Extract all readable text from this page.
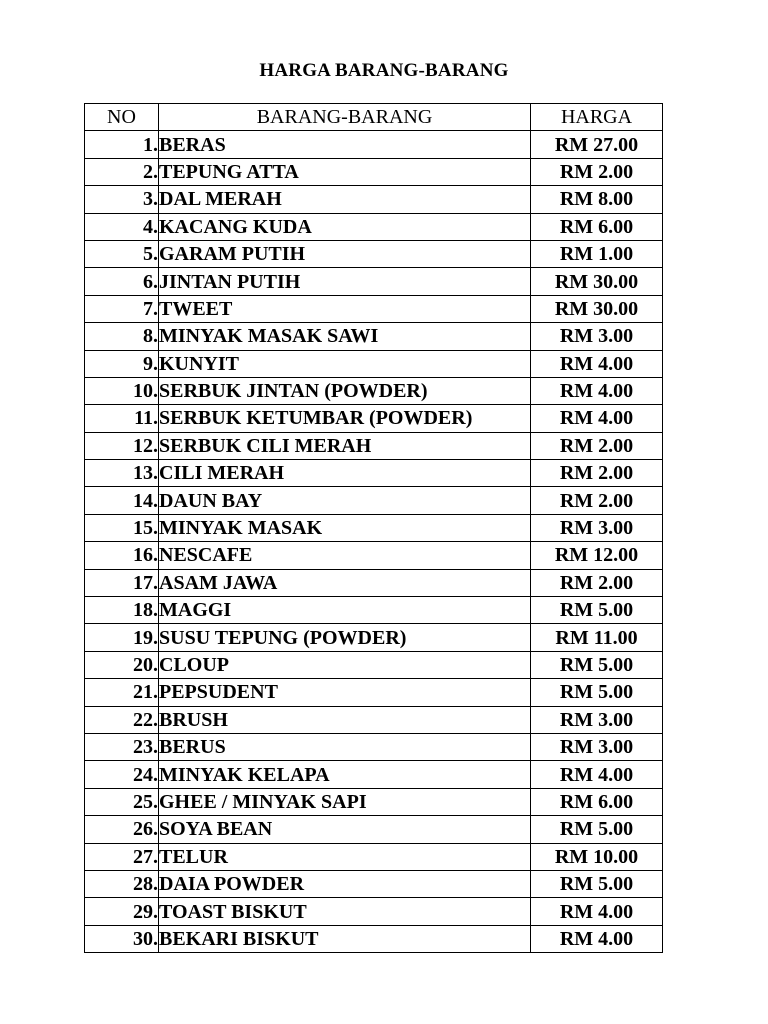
HARGA BARANG-BARANG
NO	BARANG-BARANG	HARGA
1.	BERAS	RM 27.00
2.	TEPUNG ATTA	RM 2.00
3.	DAL MERAH	RM 8.00
4.	KACANG KUDA	RM 6.00
5.	GARAM PUTIH	RM 1.00
6.	JINTAN PUTIH	RM 30.00
7.	TWEET	RM 30.00
8.	MINYAK MASAK SAWI	RM 3.00
9.	KUNYIT	RM 4.00
10.	SERBUK JINTAN (POWDER)	RM 4.00
11.	SERBUK KETUMBAR (POWDER)	RM 4.00
12.	SERBUK CILI MERAH	RM 2.00
13.	CILI MERAH	RM 2.00
14.	DAUN BAY	RM 2.00
15.	MINYAK MASAK	RM 3.00
16.	NESCAFE	RM 12.00
17.	ASAM JAWA	RM 2.00
18.	MAGGI	RM 5.00
19.	SUSU TEPUNG (POWDER)	RM 11.00
20.	CLOUP	RM 5.00
21.	PEPSUDENT	RM 5.00
22.	BRUSH	RM 3.00
23.	BERUS	RM 3.00
24.	MINYAK KELAPA	RM 4.00
25.	GHEE / MINYAK SAPI	RM 6.00
26.	SOYA BEAN	RM 5.00
27.	TELUR	RM 10.00
28.	DAIA POWDER	RM 5.00
29.	TOAST BISKUT	RM 4.00
30.	BEKARI BISKUT	RM 4.00
